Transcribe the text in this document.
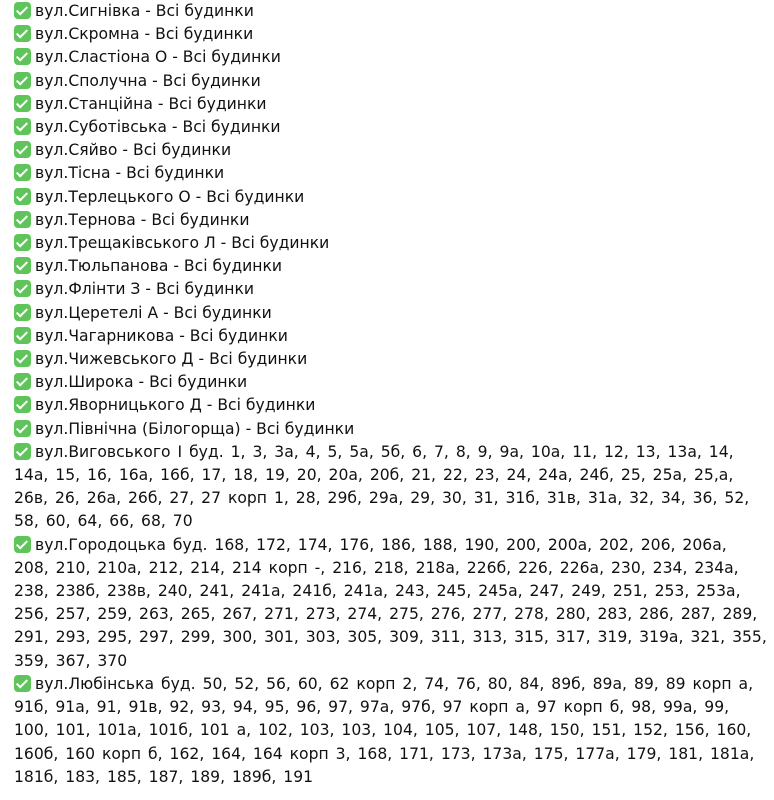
вул.Сигнівка - Всі будинки
вул.Скромна - Всі будинки
вул.Сластіона О - Всі будинки
вул.Сполучна - Всі будинки
вул.Станційна - Всі будинки
вул.Суботівська - Всі будинки
вул.Сяйво - Всі будинки
вул.Тісна - Всі будинки
вул.Терлецького О - Всі будинки
вул.Тернова - Всі будинки
вул.Трещаківського Л - Всі будинки
вул.Тюльпанова - Всі будинки
вул.Флінти З - Всі будинки
вул.Церетелі А - Всі будинки
вул.Чагарникова - Всі будинки
вул.Чижевського Д - Всі будинки
вул.Широка - Всі будинки
вул.Яворницького Д - Всі будинки
вул.Північна (Білогорща) - Всі будинки
вул.Виговського І буд. 1, 3, 3а, 4, 5, 5а, 5б, 6, 7, 8, 9, 9а, 10а, 11, 12, 13, 13а, 14, 14а, 15, 16, 16а, 16б, 17, 18, 19, 20, 20а, 20б, 21, 22, 23, 24, 24а, 24б, 25, 25а, 25,а, 26в, 26, 26а, 26б, 27, 27 корп 1, 28, 29б, 29а, 29, 30, 31, 31б, 31в, 31а, 32, 34, 36, 52, 58, 60, 64, 66, 68, 70
вул.Городоцька буд. 168, 172, 174, 176, 186, 188, 190, 200, 200а, 202, 206, 206а, 208, 210, 210а, 212, 214, 214 корп -, 216, 218, 218а, 226б, 226, 226а, 230, 234, 234а, 238, 238б, 238в, 240, 241, 241а, 241б, 241а, 243, 245, 245а, 247, 249, 251, 253, 253а, 256, 257, 259, 263, 265, 267, 271, 273, 274, 275, 276, 277, 278, 280, 283, 286, 287, 289, 291, 293, 295, 297, 299, 300, 301, 303, 305, 309, 311, 313, 315, 317, 319, 319а, 321, 355, 359, 367, 370
вул.Любінська буд. 50, 52, 56, 60, 62 корп 2, 74, 76, 80, 84, 89б, 89а, 89, 89 корп а, 91б, 91а, 91, 91в, 92, 93, 94, 95, 96, 97, 97а, 97б, 97 корп а, 97 корп б, 98, 99а, 99, 100, 101, 101а, 101б, 101 а, 102, 103, 103, 104, 105, 107, 148, 150, 151, 152, 156, 160, 160б, 160 корп б, 162, 164, 164 корп 3, 168, 171, 173, 173а, 175, 177а, 179, 181, 181а, 181б, 183, 185, 187, 189, 189б, 191
